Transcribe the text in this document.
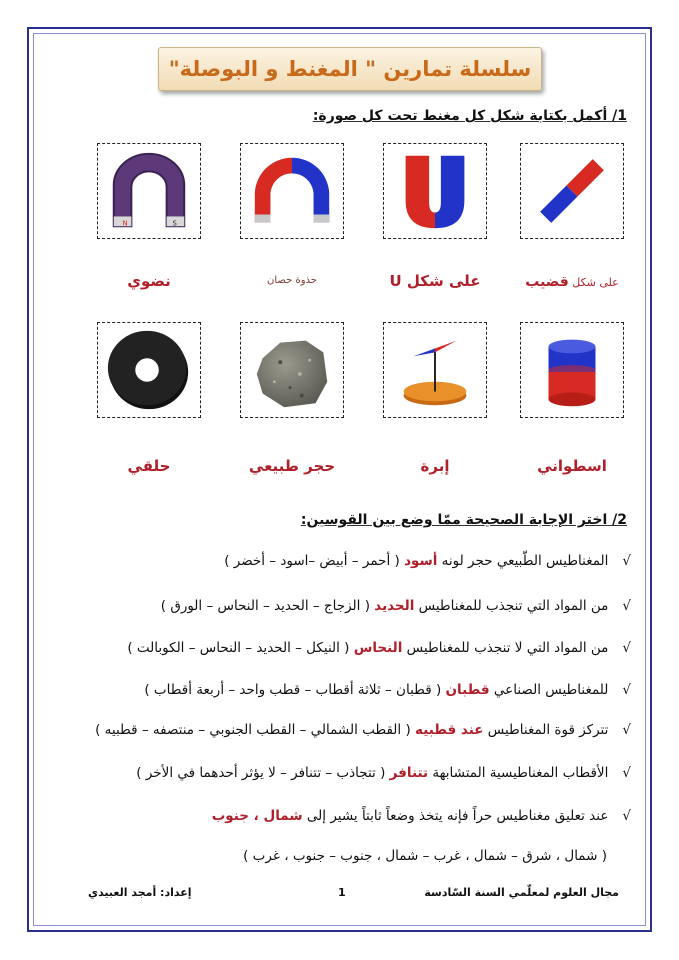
سلسلة تمارين " المغنط و البوصلة"
1/ أكمل بكتابة شكل كل مغنط تحت كل صورة:
N	S
على شكل قضيب
على شكل U
حذوة حصان
نضوي
اسطواني
إبرة
حجر طبيعي
حلقي
2/ اختر الإجابة الصحيحة ممّا وضع بين القوسين:
√المغناطيس الطّبيعي حجر لونه أسود ( أحمر – أبيض –اسود – أخضر )
√من المواد التي تنجذب للمغناطيس الحديد ( الزجاج – الحديد – النحاس – الورق )
√من المواد التي لا تنجذب للمغناطيس النحاس ( النيكل – الحديد – النحاس – الكوبالت )
√للمغناطيس الصناعي قطبان ( قطبان – ثلاثة أقطاب – قطب واحد – أربعة أقطاب )
√تتركز قوة المغناطيس عند قطبيه ( القطب الشمالي – القطب الجنوبي – منتصفه – قطبيه )
√الأقطاب المغناطيسية المتشابهة تتنافر ( تتجاذب – تتنافر – لا يؤثر أحدهما في الأخر )
√عند تعليق مغناطيس حراً فإنه يتخذ وضعاً ثابتاً يشير إلى شمال ، جنوب
( شمال ، شرق – شمال ، غرب – شمال ، جنوب – جنوب ، غرب )
مجال العلوم لمعلّمي السنة السّادسة
1
إعداد: أمجد العبيدي
